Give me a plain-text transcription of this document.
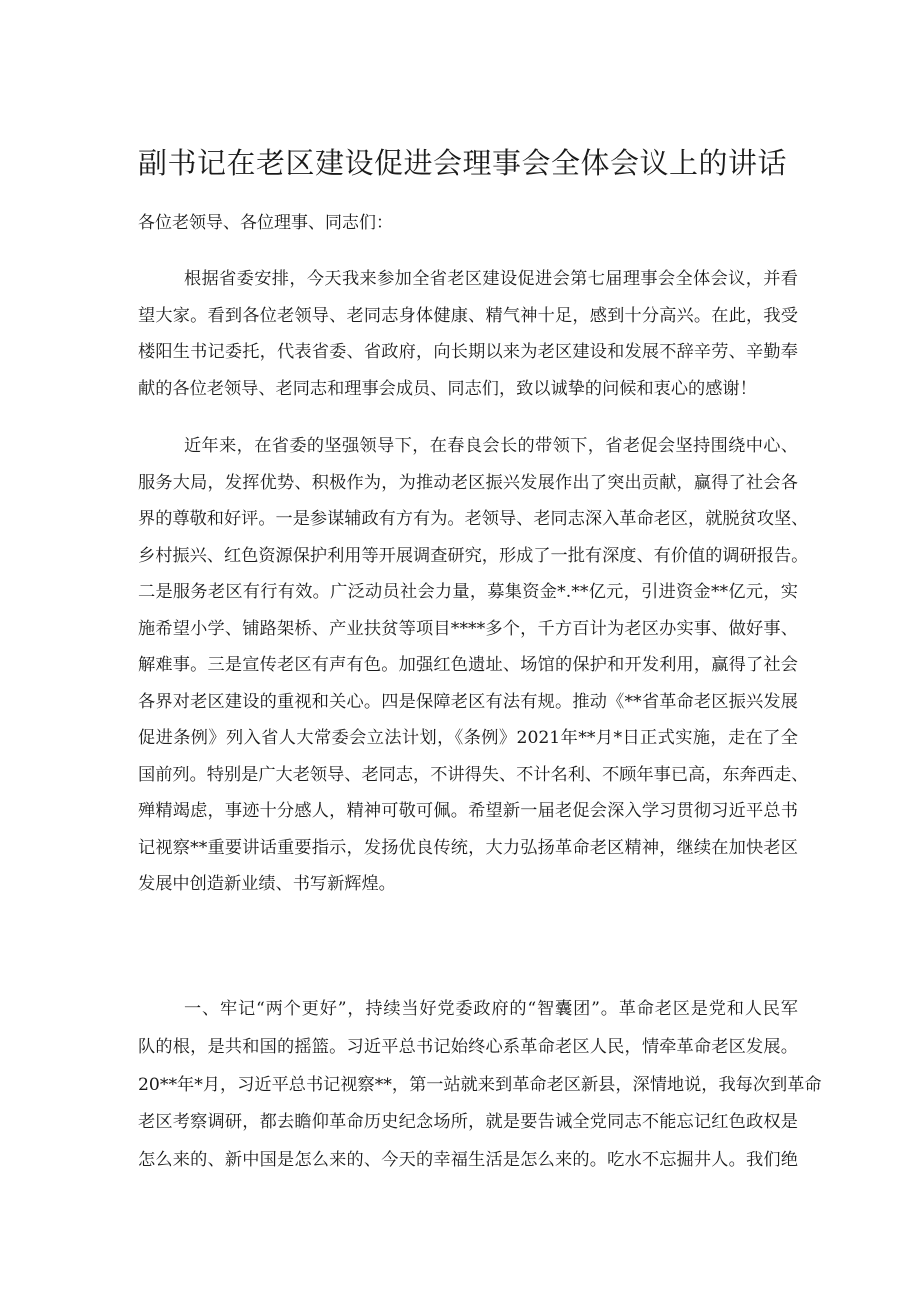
副书记在老区建设促进会理事会全体会议上的讲话

各位老领导、各位理事、同志们：

根据省委安排，今天我来参加全省老区建设促进会第七届理事会全体会议，并看
望大家。看到各位老领导、老同志身体健康、精气神十足，感到十分高兴。在此，我受
楼阳生书记委托，代表省委、省政府，向长期以来为老区建设和发展不辞辛劳、辛勤奉
献的各位老领导、老同志和理事会成员、同志们，致以诚挚的问候和衷心的感谢！
近年来，在省委的坚强领导下，在春良会长的带领下，省老促会坚持围绕中心、
服务大局，发挥优势、积极作为，为推动老区振兴发展作出了突出贡献，赢得了社会各
界的尊敬和好评。一是参谋辅政有方有为。老领导、老同志深入革命老区，就脱贫攻坚、
乡村振兴、红色资源保护利用等开展调查研究，形成了一批有深度、有价值的调研报告。
二是服务老区有行有效。广泛动员社会力量，募集资金*.**亿元，引进资金**亿元，实
施希望小学、铺路架桥、产业扶贫等项目****多个，千方百计为老区办实事、做好事、
解难事。三是宣传老区有声有色。加强红色遗址、场馆的保护和开发利用，赢得了社会
各界对老区建设的重视和关心。四是保障老区有法有规。推动《**省革命老区振兴发展
促进条例》列入省人大常委会立法计划，《条例》2021年**月*日正式实施，走在了全
国前列。特别是广大老领导、老同志，不讲得失、不计名利、不顾年事已高，东奔西走、
殚精竭虑，事迹十分感人，精神可敬可佩。希望新一届老促会深入学习贯彻习近平总书
记视察**重要讲话重要指示，发扬优良传统，大力弘扬革命老区精神，继续在加快老区
发展中创造新业绩、书写新辉煌。
一、牢记“两个更好”，持续当好党委政府的“智囊团”。革命老区是党和人民军
队的根，是共和国的摇篮。习近平总书记始终心系革命老区人民，情牵革命老区发展。
20**年*月，习近平总书记视察**，第一站就来到革命老区新县，深情地说，我每次到革命
老区考察调研，都去瞻仰革命历史纪念场所，就是要告诫全党同志不能忘记红色政权是
怎么来的、新中国是怎么来的、今天的幸福生活是怎么来的。吃水不忘掘井人。我们绝
